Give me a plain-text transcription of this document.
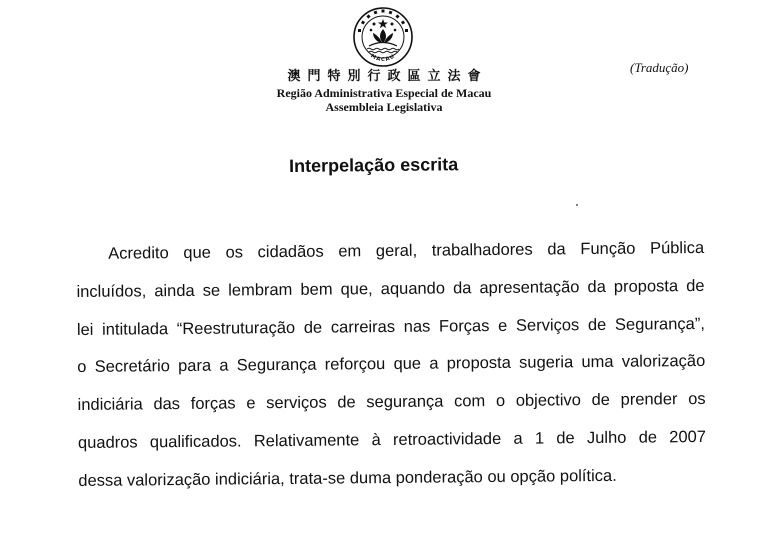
MACAU
澳門特別行政區立法會
Região Administrativa Especial de Macau
Assembleia Legislativa
(Tradução)
Interpelação escrita
Acredito que os cidadãos em geral, trabalhadores da Função Pública
incluídos, ainda se lembram bem que, aquando da apresentação da proposta de
lei intitulada “Reestruturação de carreiras nas Forças e Serviços de Segurança”,
o Secretário para a Segurança reforçou que a proposta sugeria uma valorização
indiciária das forças e serviços de segurança com o objectivo de prender os
quadros qualificados. Relativamente à retroactividade a 1 de Julho de 2007
dessa valorização indiciária, trata-se duma ponderação ou opção política.
